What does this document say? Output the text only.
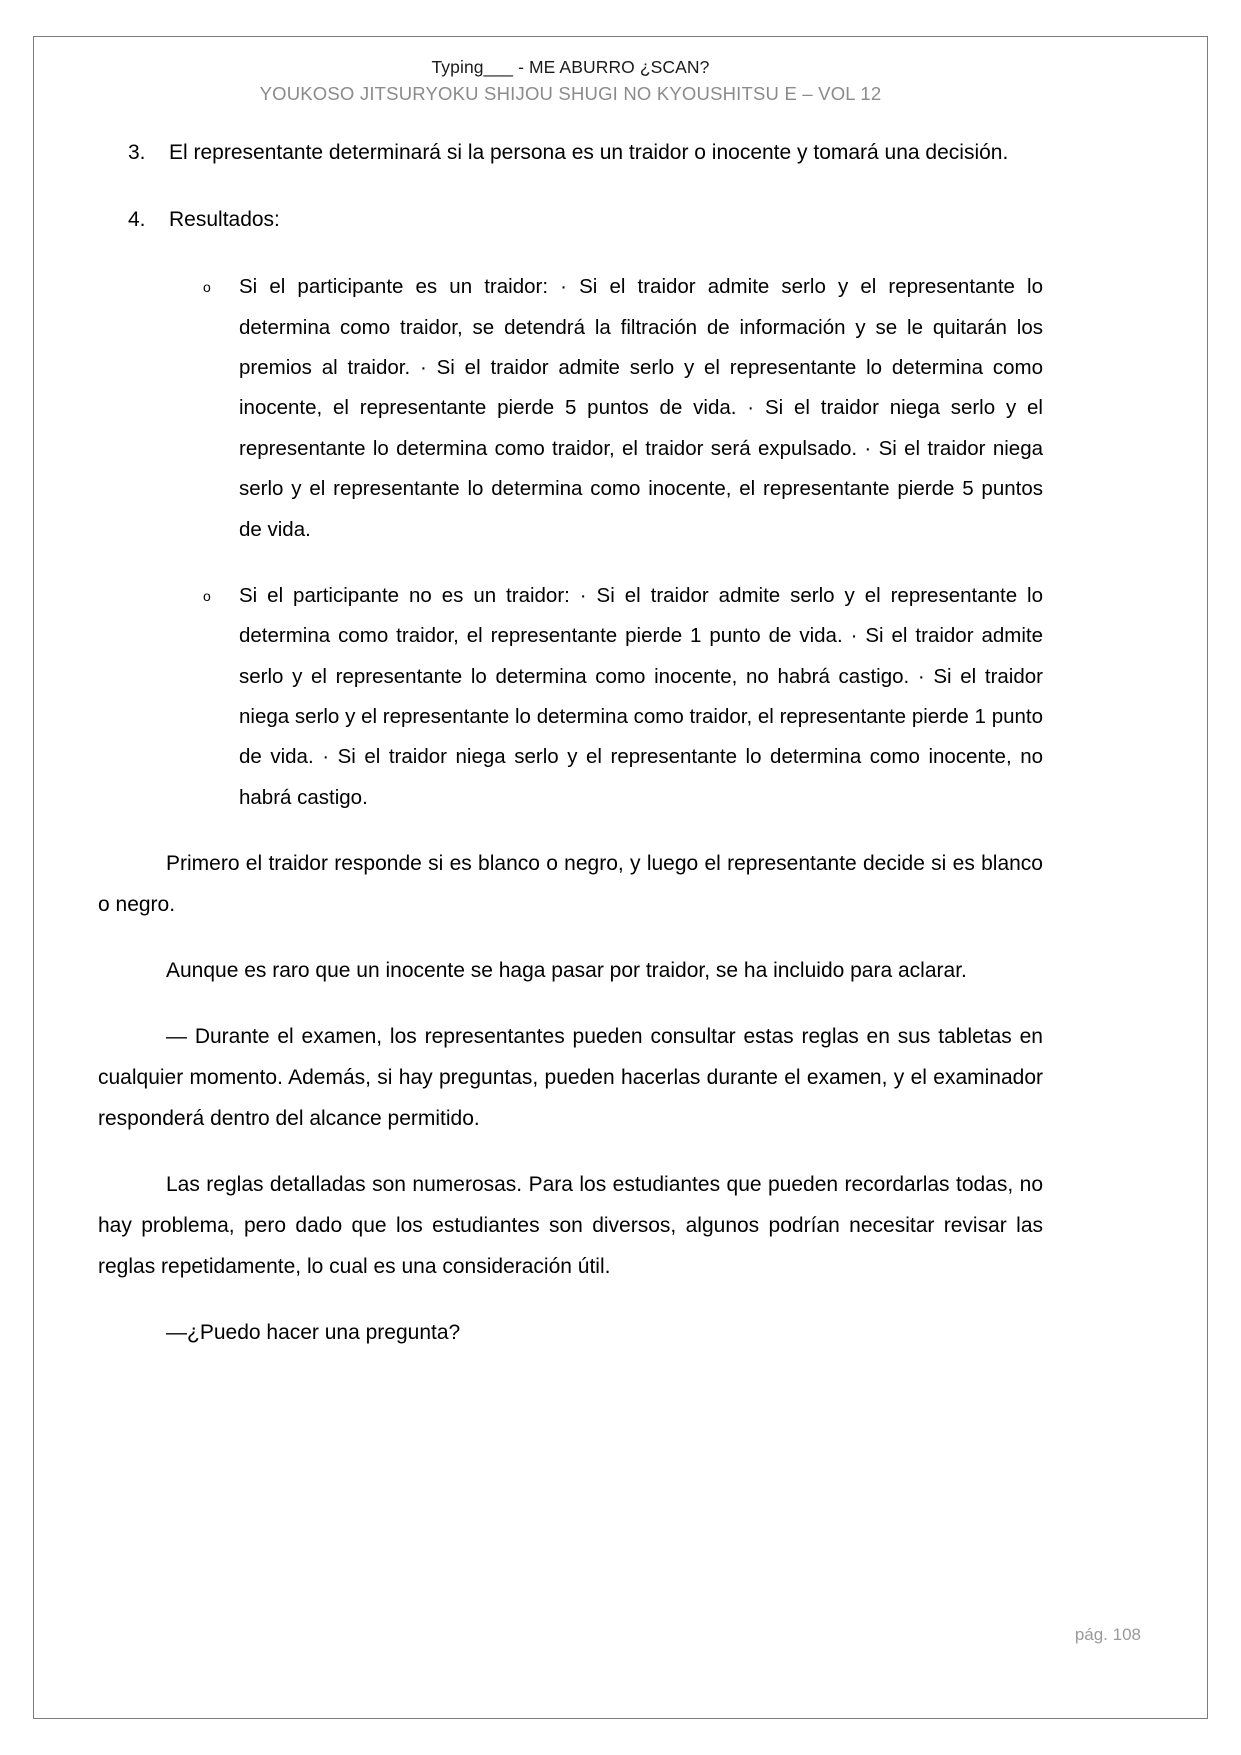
Typing___ - ME ABURRO ¿SCAN?
YOUKOSO JITSURYOKU SHIJOU SHUGI NO KYOUSHITSU E – VOL 12
3.	El representante determinará si la persona es un traidor o inocente y tomará una decisión.
4.	Resultados:
o	Si el participante es un traidor: · Si el traidor admite serlo y el representante lo determina como traidor, se detendrá la filtración de información y se le quitarán los premios al traidor. · Si el traidor admite serlo y el representante lo determina como inocente, el representante pierde 5 puntos de vida. · Si el traidor niega serlo y el representante lo determina como traidor, el traidor será expulsado. · Si el traidor niega serlo y el representante lo determina como inocente, el representante pierde 5 puntos de vida.
o	Si el participante no es un traidor: · Si el traidor admite serlo y el representante lo determina como traidor, el representante pierde 1 punto de vida. · Si el traidor admite serlo y el representante lo determina como inocente, no habrá castigo. · Si el traidor niega serlo y el representante lo determina como traidor, el representante pierde 1 punto de vida. · Si el traidor niega serlo y el representante lo determina como inocente, no habrá castigo.

Primero el traidor responde si es blanco o negro, y luego el representante decide si es blanco o negro.

Aunque es raro que un inocente se haga pasar por traidor, se ha incluido para aclarar.

— Durante el examen, los representantes pueden consultar estas reglas en sus tabletas en cualquier momento. Además, si hay preguntas, pueden hacerlas durante el examen, y el examinador responderá dentro del alcance permitido.

Las reglas detalladas son numerosas. Para los estudiantes que pueden recordarlas todas, no hay problema, pero dado que los estudiantes son diversos, algunos podrían necesitar revisar las reglas repetidamente, lo cual es una consideración útil.

—¿Puedo hacer una pregunta?

pág. 108
